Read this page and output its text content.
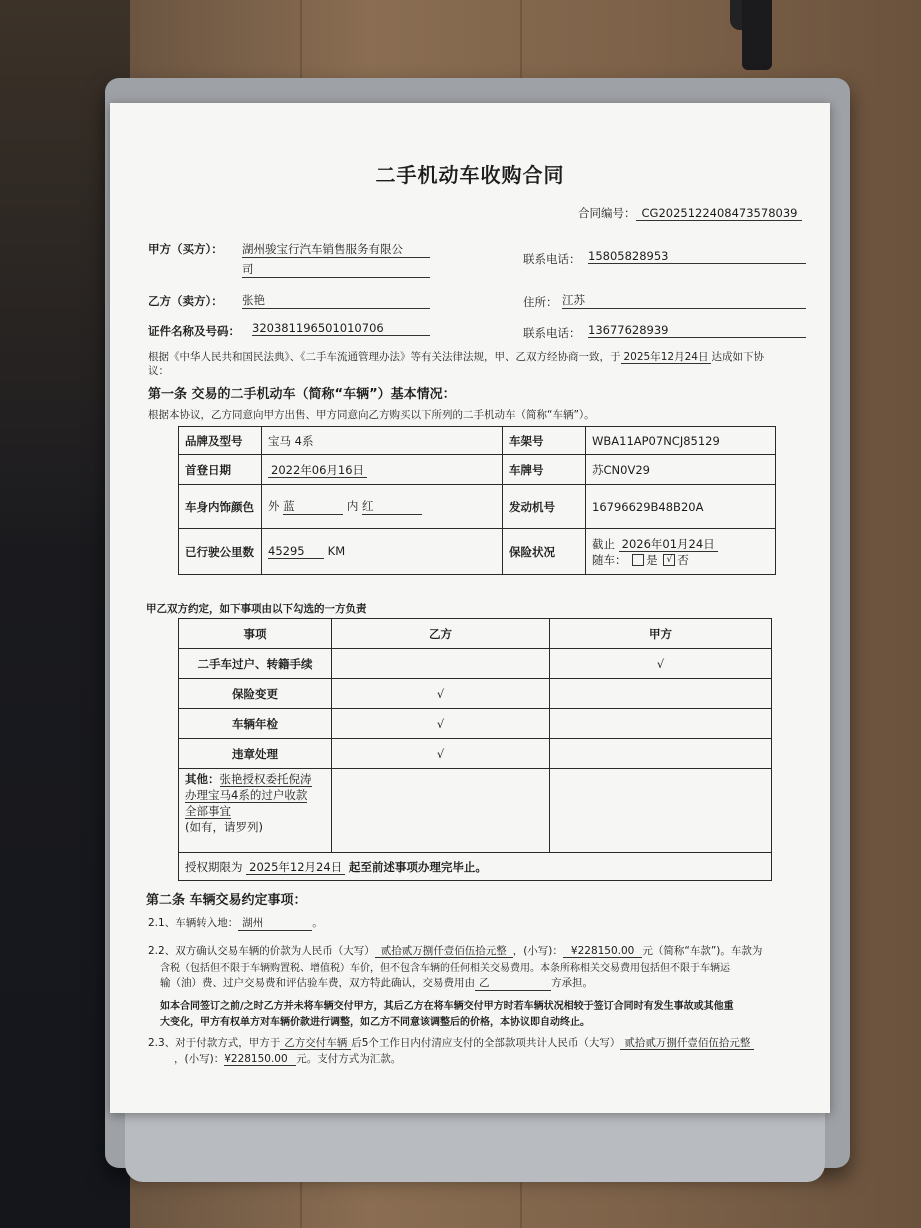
二手机动车收购合同
合同编号： CG2025122408473578039
甲方（买方）： 湖州骏宝行汽车销售服务有限公
司
联系电话： 15805828953
乙方（卖方）： 张艳	住所： 江苏
证件名称及号码： 320381196501010706	联系电话： 13677628939
根据《中华人民共和国民法典》、《二手车流通管理办法》等有关法律法规，甲、乙双方经协商一致，于 2025年12月24日 达成如下协
议：
第一条 交易的二手机动车（简称“车辆”）基本情况：
根据本协议，乙方同意向甲方出售、甲方同意向乙方购买以下所列的二手机动车（简称“车辆”）。
品牌及型号	宝马 4系	车架号	WBA11AP07NCJ85129
首登日期	2022年06月16日	车牌号	苏CN0V29
车身内饰颜色	外 蓝 内 红	发动机号	16796629B48B20A
已行驶公里数	45295 KM	保险状况	截止 2026年01月24日
随车： 是 √ 否
甲乙双方约定，如下事项由以下勾选的一方负责
事项	乙方	甲方
二手车过户、转籍手续		√
保险变更	√	
车辆年检	√	
违章处理	√	

其他：张艳授权委托倪涛
办理宝马4系的过户收款
全部事宜
(如有，请罗列)		

授权期限为 2025年12月24日 起至前述事项办理完毕止。		
第二条 车辆交易约定事项：
2.1、车辆转入地： 湖州	。
2.2、双方确认交易车辆的价款为人民币（大写） 贰拾贰万捌仟壹佰伍拾元整 ，(小写)： ¥228150.00 元（简称“车款”)。车款为
含税（包括但不限于车辆购置税、增值税）车价，但不包含车辆的任何相关交易费用。本条所称相关交易费用包括但不限于车辆运
输（油）费、过户交易费和评估验车费，双方特此确认，交易费用由 乙	方承担。
如本合同签订之前/之时乙方并未将车辆交付甲方，其后乙方在将车辆交付甲方时若车辆状况相较于签订合同时有发生事故或其他重
大变化，甲方有权单方对车辆价款进行调整，如乙方不同意该调整后的价格，本协议即自动终止。
2.3、对于付款方式，甲方于 乙方交付车辆 后5个工作日内付清应支付的全部款项共计人民币（大写） 贰拾贰万捌仟壹佰伍拾元整
，(小写)：¥228150.00 元。支付方式为汇款。
